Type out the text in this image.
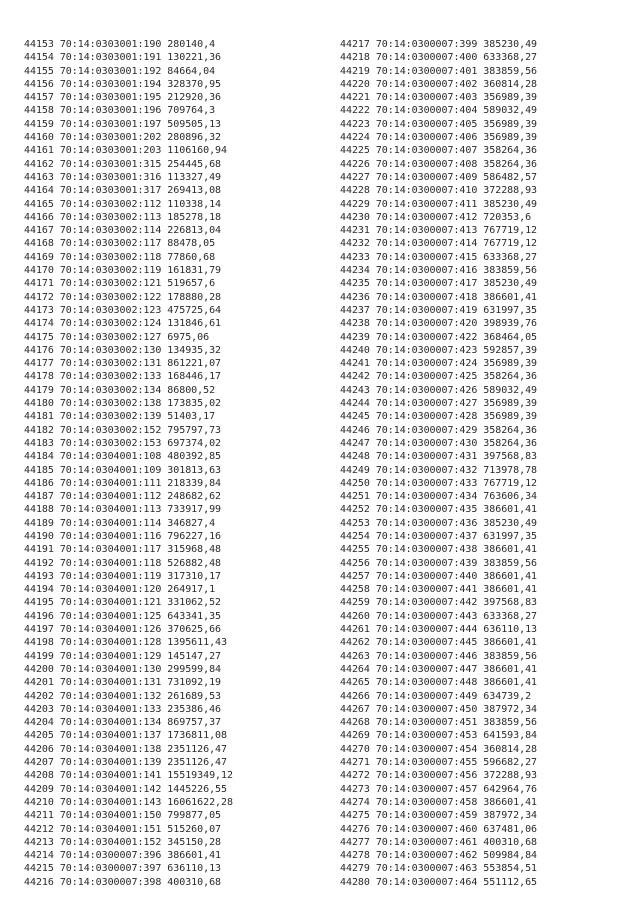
44153 70:14:0303001:190 280140,4
44154 70:14:0303001:191 130221,36
44155 70:14:0303001:192 84664,04
44156 70:14:0303001:194 328370,95
44157 70:14:0303001:195 212920,36
44158 70:14:0303001:196 709764,3
44159 70:14:0303001:197 509505,13
44160 70:14:0303001:202 280896,32
44161 70:14:0303001:203 1106160,94
44162 70:14:0303001:315 254445,68
44163 70:14:0303001:316 113327,49
44164 70:14:0303001:317 269413,08
44165 70:14:0303002:112 110338,14
44166 70:14:0303002:113 185278,18
44167 70:14:0303002:114 226813,04
44168 70:14:0303002:117 88478,05
44169 70:14:0303002:118 77860,68
44170 70:14:0303002:119 161831,79
44171 70:14:0303002:121 519657,6
44172 70:14:0303002:122 178880,28
44173 70:14:0303002:123 475725,64
44174 70:14:0303002:124 131846,61
44175 70:14:0303002:127 6975,06
44176 70:14:0303002:130 134935,32
44177 70:14:0303002:131 861221,07
44178 70:14:0303002:133 168446,17
44179 70:14:0303002:134 86800,52
44180 70:14:0303002:138 173835,02
44181 70:14:0303002:139 51403,17
44182 70:14:0303002:152 795797,73
44183 70:14:0303002:153 697374,02
44184 70:14:0304001:108 480392,85
44185 70:14:0304001:109 301813,63
44186 70:14:0304001:111 218339,84
44187 70:14:0304001:112 248682,62
44188 70:14:0304001:113 733917,99
44189 70:14:0304001:114 346827,4
44190 70:14:0304001:116 796227,16
44191 70:14:0304001:117 315968,48
44192 70:14:0304001:118 526882,48
44193 70:14:0304001:119 317310,17
44194 70:14:0304001:120 264917,1
44195 70:14:0304001:121 331062,52
44196 70:14:0304001:125 643341,35
44197 70:14:0304001:126 370625,66
44198 70:14:0304001:128 1395611,43
44199 70:14:0304001:129 145147,27
44200 70:14:0304001:130 299599,84
44201 70:14:0304001:131 731092,19
44202 70:14:0304001:132 261689,53
44203 70:14:0304001:133 235386,46
44204 70:14:0304001:134 869757,37
44205 70:14:0304001:137 1736811,08
44206 70:14:0304001:138 2351126,47
44207 70:14:0304001:139 2351126,47
44208 70:14:0304001:141 15519349,12
44209 70:14:0304001:142 1445226,55
44210 70:14:0304001:143 16061622,28
44211 70:14:0304001:150 799877,05
44212 70:14:0304001:151 515260,07
44213 70:14:0304001:152 345150,28
44214 70:14:0300007:396 386601,41
44215 70:14:0300007:397 636110,13
44216 70:14:0300007:398 400310,68
44217 70:14:0300007:399 385230,49
44218 70:14:0300007:400 633368,27
44219 70:14:0300007:401 383859,56
44220 70:14:0300007:402 360814,28
44221 70:14:0300007:403 356989,39
44222 70:14:0300007:404 589032,49
44223 70:14:0300007:405 356989,39
44224 70:14:0300007:406 356989,39
44225 70:14:0300007:407 358264,36
44226 70:14:0300007:408 358264,36
44227 70:14:0300007:409 586482,57
44228 70:14:0300007:410 372288,93
44229 70:14:0300007:411 385230,49
44230 70:14:0300007:412 720353,6
44231 70:14:0300007:413 767719,12
44232 70:14:0300007:414 767719,12
44233 70:14:0300007:415 633368,27
44234 70:14:0300007:416 383859,56
44235 70:14:0300007:417 385230,49
44236 70:14:0300007:418 386601,41
44237 70:14:0300007:419 631997,35
44238 70:14:0300007:420 398939,76
44239 70:14:0300007:422 368464,05
44240 70:14:0300007:423 592857,39
44241 70:14:0300007:424 356989,39
44242 70:14:0300007:425 358264,36
44243 70:14:0300007:426 589032,49
44244 70:14:0300007:427 356989,39
44245 70:14:0300007:428 356989,39
44246 70:14:0300007:429 358264,36
44247 70:14:0300007:430 358264,36
44248 70:14:0300007:431 397568,83
44249 70:14:0300007:432 713978,78
44250 70:14:0300007:433 767719,12
44251 70:14:0300007:434 763606,34
44252 70:14:0300007:435 386601,41
44253 70:14:0300007:436 385230,49
44254 70:14:0300007:437 631997,35
44255 70:14:0300007:438 386601,41
44256 70:14:0300007:439 383859,56
44257 70:14:0300007:440 386601,41
44258 70:14:0300007:441 386601,41
44259 70:14:0300007:442 397568,83
44260 70:14:0300007:443 633368,27
44261 70:14:0300007:444 636110,13
44262 70:14:0300007:445 386601,41
44263 70:14:0300007:446 383859,56
44264 70:14:0300007:447 386601,41
44265 70:14:0300007:448 386601,41
44266 70:14:0300007:449 634739,2
44267 70:14:0300007:450 387972,34
44268 70:14:0300007:451 383859,56
44269 70:14:0300007:453 641593,84
44270 70:14:0300007:454 360814,28
44271 70:14:0300007:455 596682,27
44272 70:14:0300007:456 372288,93
44273 70:14:0300007:457 642964,76
44274 70:14:0300007:458 386601,41
44275 70:14:0300007:459 387972,34
44276 70:14:0300007:460 637481,06
44277 70:14:0300007:461 400310,68
44278 70:14:0300007:462 509984,84
44279 70:14:0300007:463 553854,51
44280 70:14:0300007:464 551112,65
